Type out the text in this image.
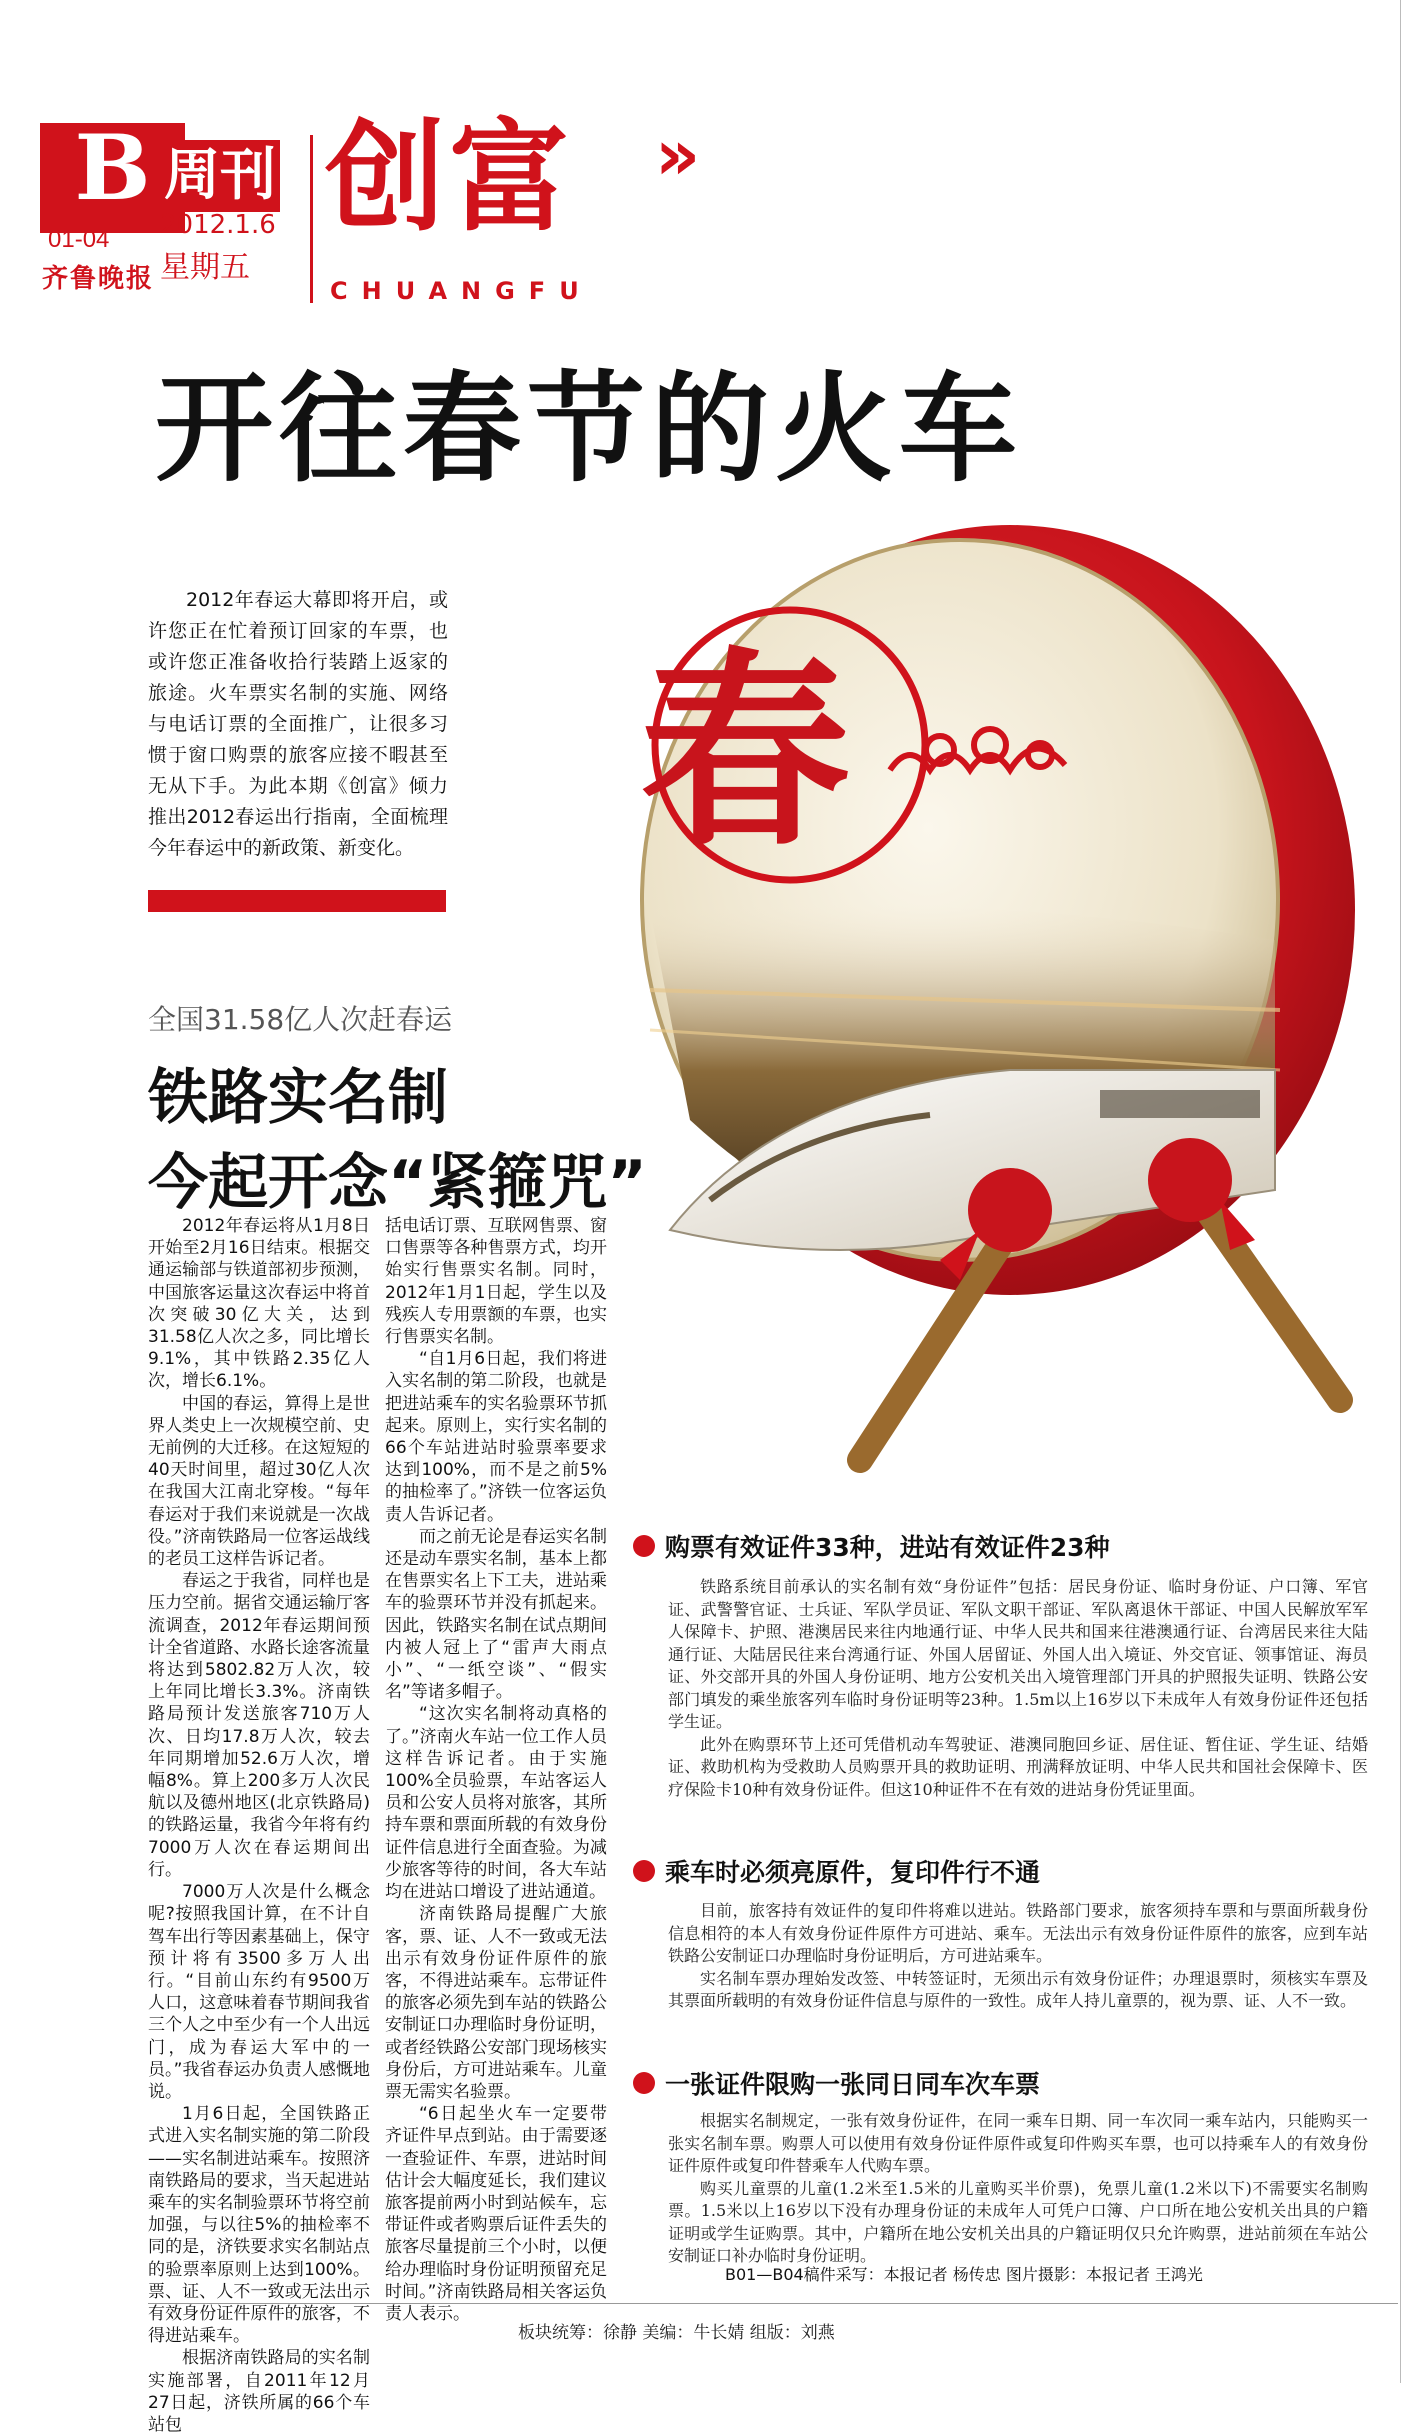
B
01-04
齐鲁晚报
周刊
2012.1.6
星期五
创富 »
CHUANGFU
开往春节的火车
2012年春运大幕即将开启，或许您正在忙着预订回家的车票，也或许您正准备收拾行装踏上返家的旅途。火车票实名制的实施、网络与电话订票的全面推广，让很多习惯于窗口购票的旅客应接不暇甚至无从下手。为此本期《创富》倾力推出2012春运出行指南，全面梳理今年春运中的新政策、新变化。 春
全国31.58亿人次赶春运
铁路实名制
今起开念“紧箍咒”

2012年春运将从1月8日开始至2月16日结束。根据交通运输部与铁道部初步预测，中国旅客运量这次春运中将首次突破30亿大关，达到31.58亿人次之多，同比增长9.1%，其中铁路2.35亿人次，增长6.1%。

中国的春运，算得上是世界人类史上一次规模空前、史无前例的大迁移。在这短短的40天时间里，超过30亿人次在我国大江南北穿梭。“每年春运对于我们来说就是一次战役。”济南铁路局一位客运战线的老员工这样告诉记者。

春运之于我省，同样也是压力空前。据省交通运输厅客流调查，2012年春运期间预计全省道路、水路长途客流量将达到5802.82万人次，较上年同比增长3.3%。济南铁路局预计发送旅客710万人次、日均17.8万人次，较去年同期增加52.6万人次，增幅8%。算上200多万人次民航以及德州地区(北京铁路局)的铁路运量，我省今年将有约7000万人次在春运期间出行。

7000万人次是什么概念呢?按照我国计算，在不计自驾车出行等因素基础上，保守预计将有3500多万人出行。“目前山东约有9500万人口，这意味着春节期间我省三个人之中至少有一个人出远门，成为春运大军中的一员。”我省春运办负责人感慨地说。

1月6日起，全国铁路正式进入实名制实施的第二阶段——实名制进站乘车。按照济南铁路局的要求，当天起进站乘车的实名制验票环节将空前加强，与以往5%的抽检率不同的是，济铁要求实名制站点的验票率原则上达到100%。票、证、人不一致或无法出示有效身份证件原件的旅客，不得进站乘车。

根据济南铁路局的实名制实施部署，自2011年12月27日起，济铁所属的66个车站包

括电话订票、互联网售票、窗口售票等各种售票方式，均开始实行售票实名制。同时，2012年1月1日起，学生以及残疾人专用票额的车票，也实行售票实名制。

“自1月6日起，我们将进入实名制的第二阶段，也就是把进站乘车的实名验票环节抓起来。原则上，实行实名制的66个车站进站时验票率要求达到100%，而不是之前5%的抽检率了。”济铁一位客运负责人告诉记者。

而之前无论是春运实名制还是动车票实名制，基本上都在售票实名上下工夫，进站乘车的验票环节并没有抓起来。因此，铁路实名制在试点期间内被人冠上了“雷声大雨点小”、“一纸空谈”、“假实名”等诸多帽子。

“这次实名制将动真格的了。”济南火车站一位工作人员这样告诉记者。由于实施100%全员验票，车站客运人员和公安人员将对旅客，其所持车票和票面所载的有效身份证件信息进行全面查验。为减少旅客等待的时间，各大车站均在进站口增设了进站通道。

济南铁路局提醒广大旅客，票、证、人不一致或无法出示有效身份证件原件的旅客，不得进站乘车。忘带证件的旅客必须先到车站的铁路公安制证口办理临时身份证明，或者经铁路公安部门现场核实身份后，方可进站乘车。儿童票无需实名验票。

“6日起坐火车一定要带齐证件早点到站。由于需要逐一查验证件、车票，进站时间估计会大幅度延长，我们建议旅客提前两小时到站候车，忘带证件或者购票后证件丢失的旅客尽量提前三个小时，以便给办理临时身份证明预留充足时间。”济南铁路局相关客运负责人表示。

购票有效证件33种，进站有效证件23种

铁路系统目前承认的实名制有效“身份证件”包括：居民身份证、临时身份证、户口簿、军官证、武警警官证、士兵证、军队学员证、军队文职干部证、军队离退休干部证、中国人民解放军军人保障卡、护照、港澳居民来往内地通行证、中华人民共和国来往港澳通行证、台湾居民来往大陆通行证、大陆居民往来台湾通行证、外国人居留证、外国人出入境证、外交官证、领事馆证、海员证、外交部开具的外国人身份证明、地方公安机关出入境管理部门开具的护照报失证明、铁路公安部门填发的乘坐旅客列车临时身份证明等23种。1.5m以上16岁以下未成年人有效身份证件还包括学生证。

此外在购票环节上还可凭借机动车驾驶证、港澳同胞回乡证、居住证、暂住证、学生证、结婚证、救助机构为受救助人员购票开具的救助证明、刑满释放证明、中华人民共和国社会保障卡、医疗保险卡10种有效身份证件。但这10种证件不在有效的进站身份凭证里面。

乘车时必须亮原件，复印件行不通

目前，旅客持有效证件的复印件将难以进站。铁路部门要求，旅客须持车票和与票面所载身份信息相符的本人有效身份证件原件方可进站、乘车。无法出示有效身份证件原件的旅客，应到车站铁路公安制证口办理临时身份证明后，方可进站乘车。

实名制车票办理始发改签、中转签证时，无须出示有效身份证件；办理退票时，须核实车票及其票面所载明的有效身份证件信息与原件的一致性。成年人持儿童票的，视为票、证、人不一致。

一张证件限购一张同日同车次车票

根据实名制规定，一张有效身份证件，在同一乘车日期、同一车次同一乘车站内，只能购买一张实名制车票。购票人可以使用有效身份证件原件或复印件购买车票，也可以持乘车人的有效身份证件原件或复印件替乘车人代购车票。

购买儿童票的儿童(1.2米至1.5米的儿童购买半价票)，免票儿童(1.2米以下)不需要实名制购票。1.5米以上16岁以下没有办理身份证的未成年人可凭户口簿、户口所在地公安机关出具的户籍证明或学生证购票。其中，户籍所在地公安机关出具的户籍证明仅只允许购票，进站前须在车站公安制证口补办临时身份证明。

B01—B04稿件采写：本报记者 杨传忠 图片摄影：本报记者 王鸿光
板块统筹：徐静 美编：牛长婧 组版：刘燕
